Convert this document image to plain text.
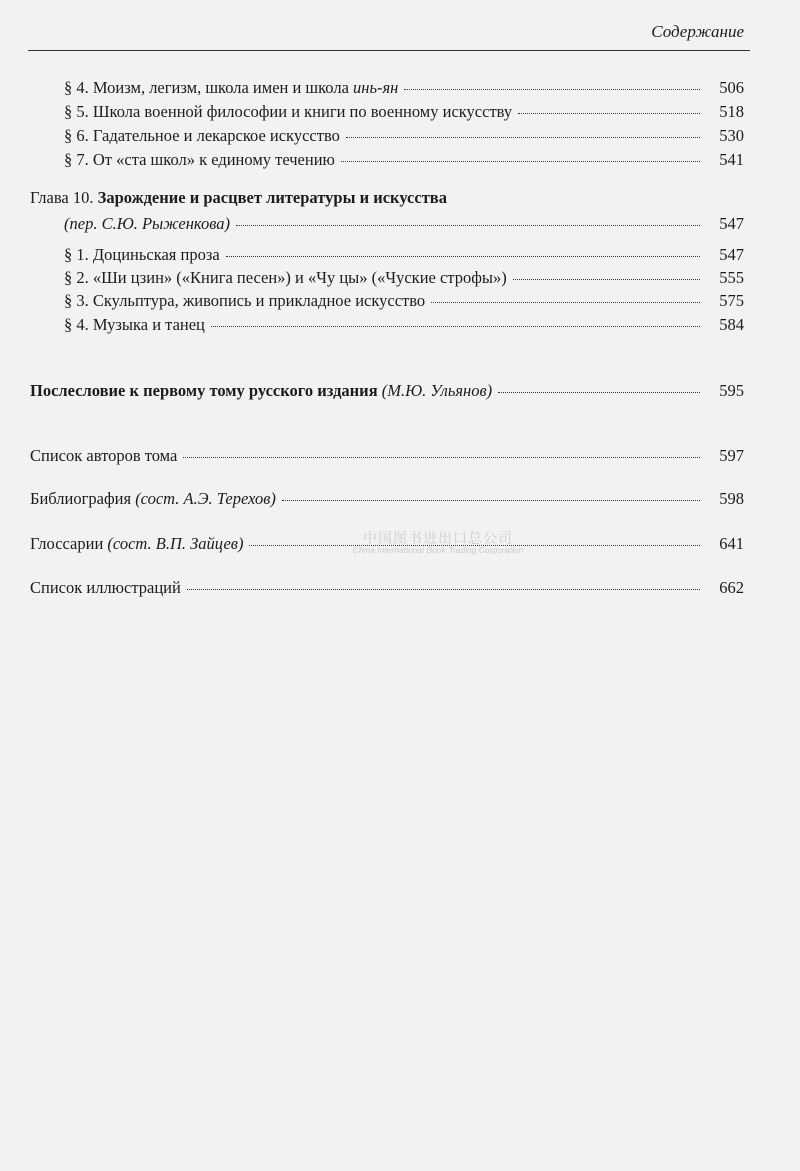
Содержание
§ 4. Моизм, легизм, школа имен и школа инь-ян	506
§ 5. Школа военной философии и книги по военному искусству	518
§ 6. Гадательное и лекарское искусство	530
§ 7. От «ста школ» к единому течению	541
Глава 10. Зарождение и расцвет литературы и искусства
(пер. С.Ю. Рыженкова)	547
§ 1. Доциньская проза	547
§ 2. «Ши цзин» («Книга песен») и «Чу цы» («Чуские строфы»)	555
§ 3. Скульптура, живопись и прикладное искусство	575
§ 4. Музыка и танец	584
Послесловие к первому тому русского издания (М.Ю. Ульянов)	595
Список авторов тома	597
Библиография (сост. А.Э. Терехов)	598
Глоссарии (сост. В.П. Зайцев)	641
Список иллюстраций	662
中国图书进出口总公司
China International Book Trading Corporation
